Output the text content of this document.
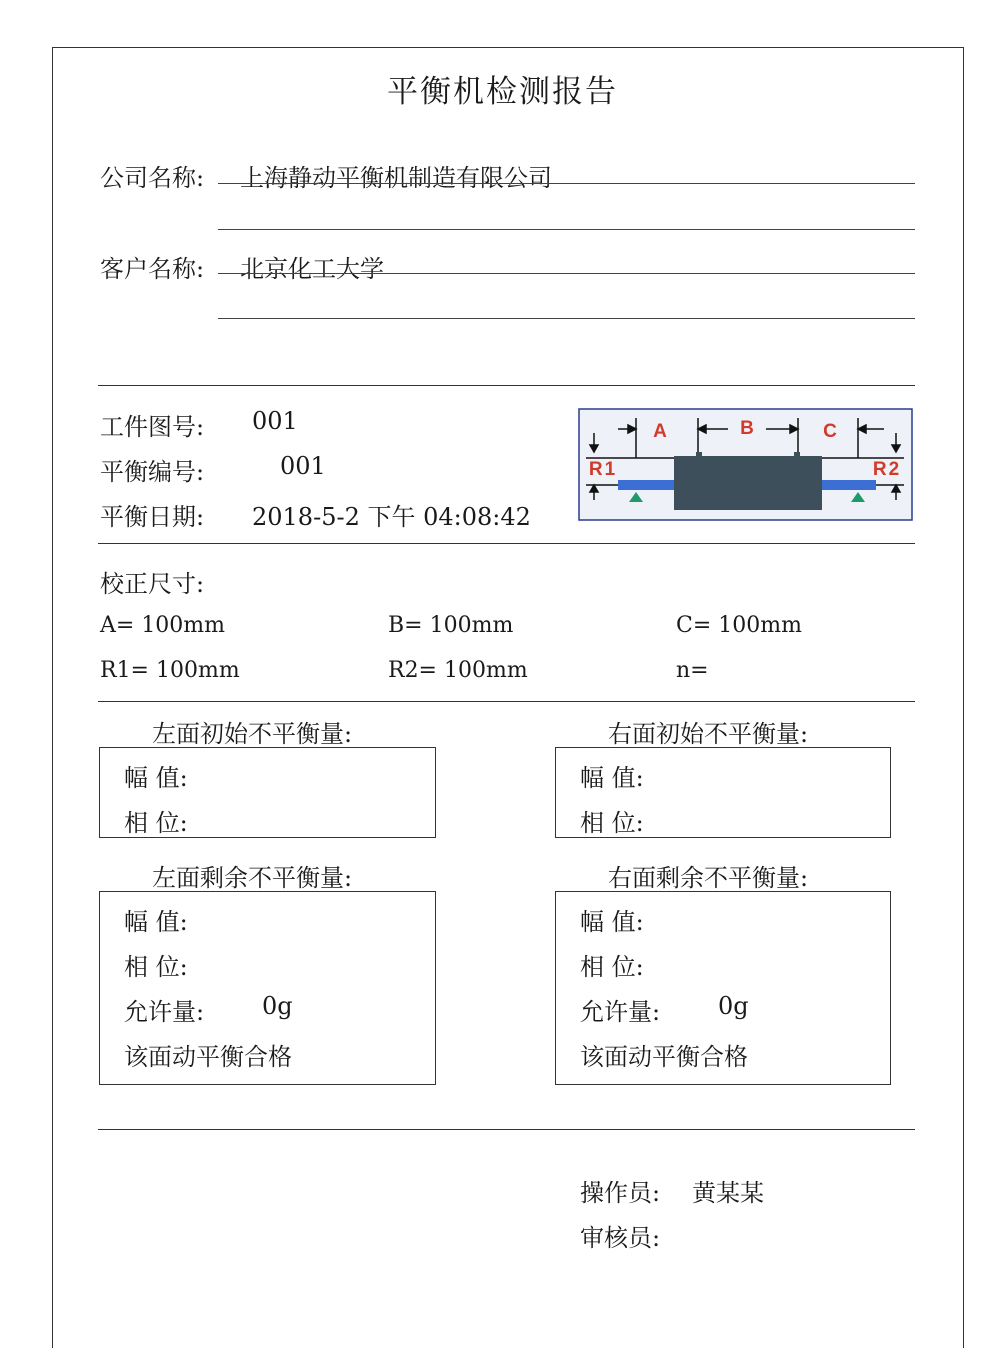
平衡机检测报告
公司名称: 上海静动平衡机制造有限公司
客户名称: 北京化工大学
工件图号: 001
平衡编号:	001
平衡日期: 2018-5-2 下午 04:08:42
A	B	C
R1	R2
校正尺寸:
A= 100mm	B= 100mm	C= 100mm
R1= 100mm	R2= 100mm	n=
左面初始不平衡量:	右面初始不平衡量:
幅 值:
相 位:
幅 值:
相 位:
左面剩余不平衡量:	右面剩余不平衡量:
幅 值:
相 位:
允许量: 0g
该面动平衡合格
幅 值:
相 位:
允许量: 0g
该面动平衡合格
操作员: 黄某某
审核员:
